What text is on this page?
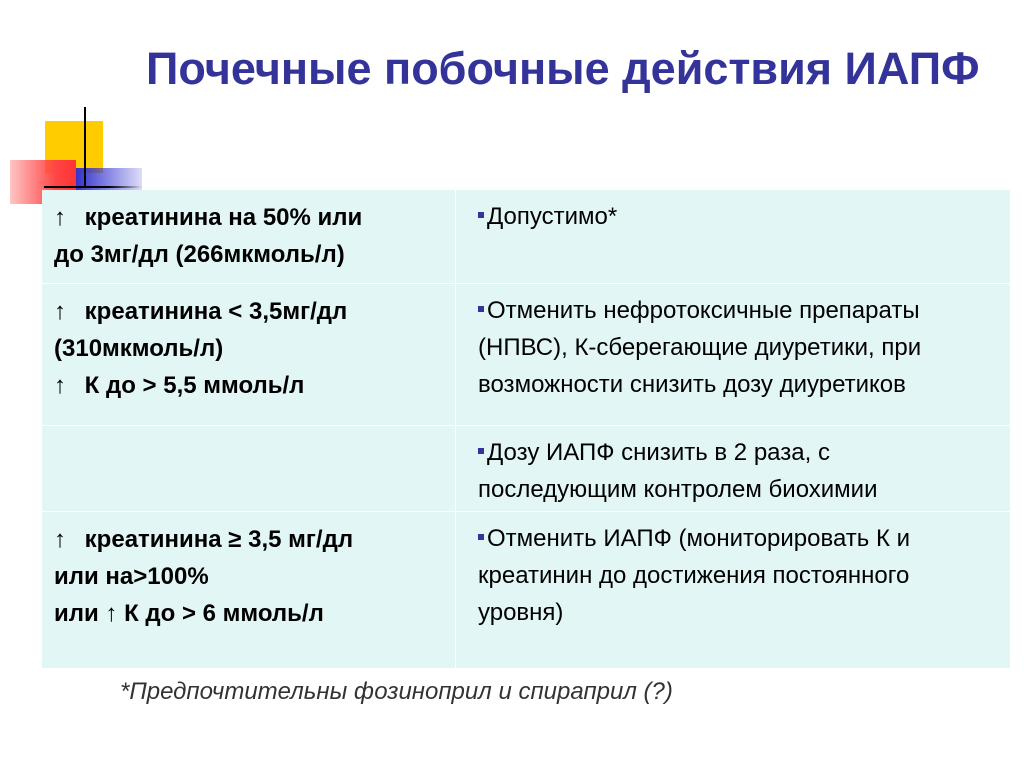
Почечные побочные действия ИАПФ
↑ креатинина на 50% или
до 3мг/дл (266мкмоль/л)
Допустимо*
↑ креатинина < 3,5мг/дл
(310мкмоль/л)
↑ К до > 5,5 ммоль/л
Отменить нефротоксичные препараты
(НПВС), К-сберегающие диуретики, при
возможности снизить дозу диуретиков
Дозу ИАПФ снизить в 2 раза, с
последующим контролем биохимии
↑ креатинина ≥ 3,5 мг/дл
или на>100%
или ↑ К до > 6 ммоль/л
Отменить ИАПФ (мониторировать К и
креатинин до достижения постоянного
уровня)
*Предпочтительны фозиноприл и спираприл (?)
